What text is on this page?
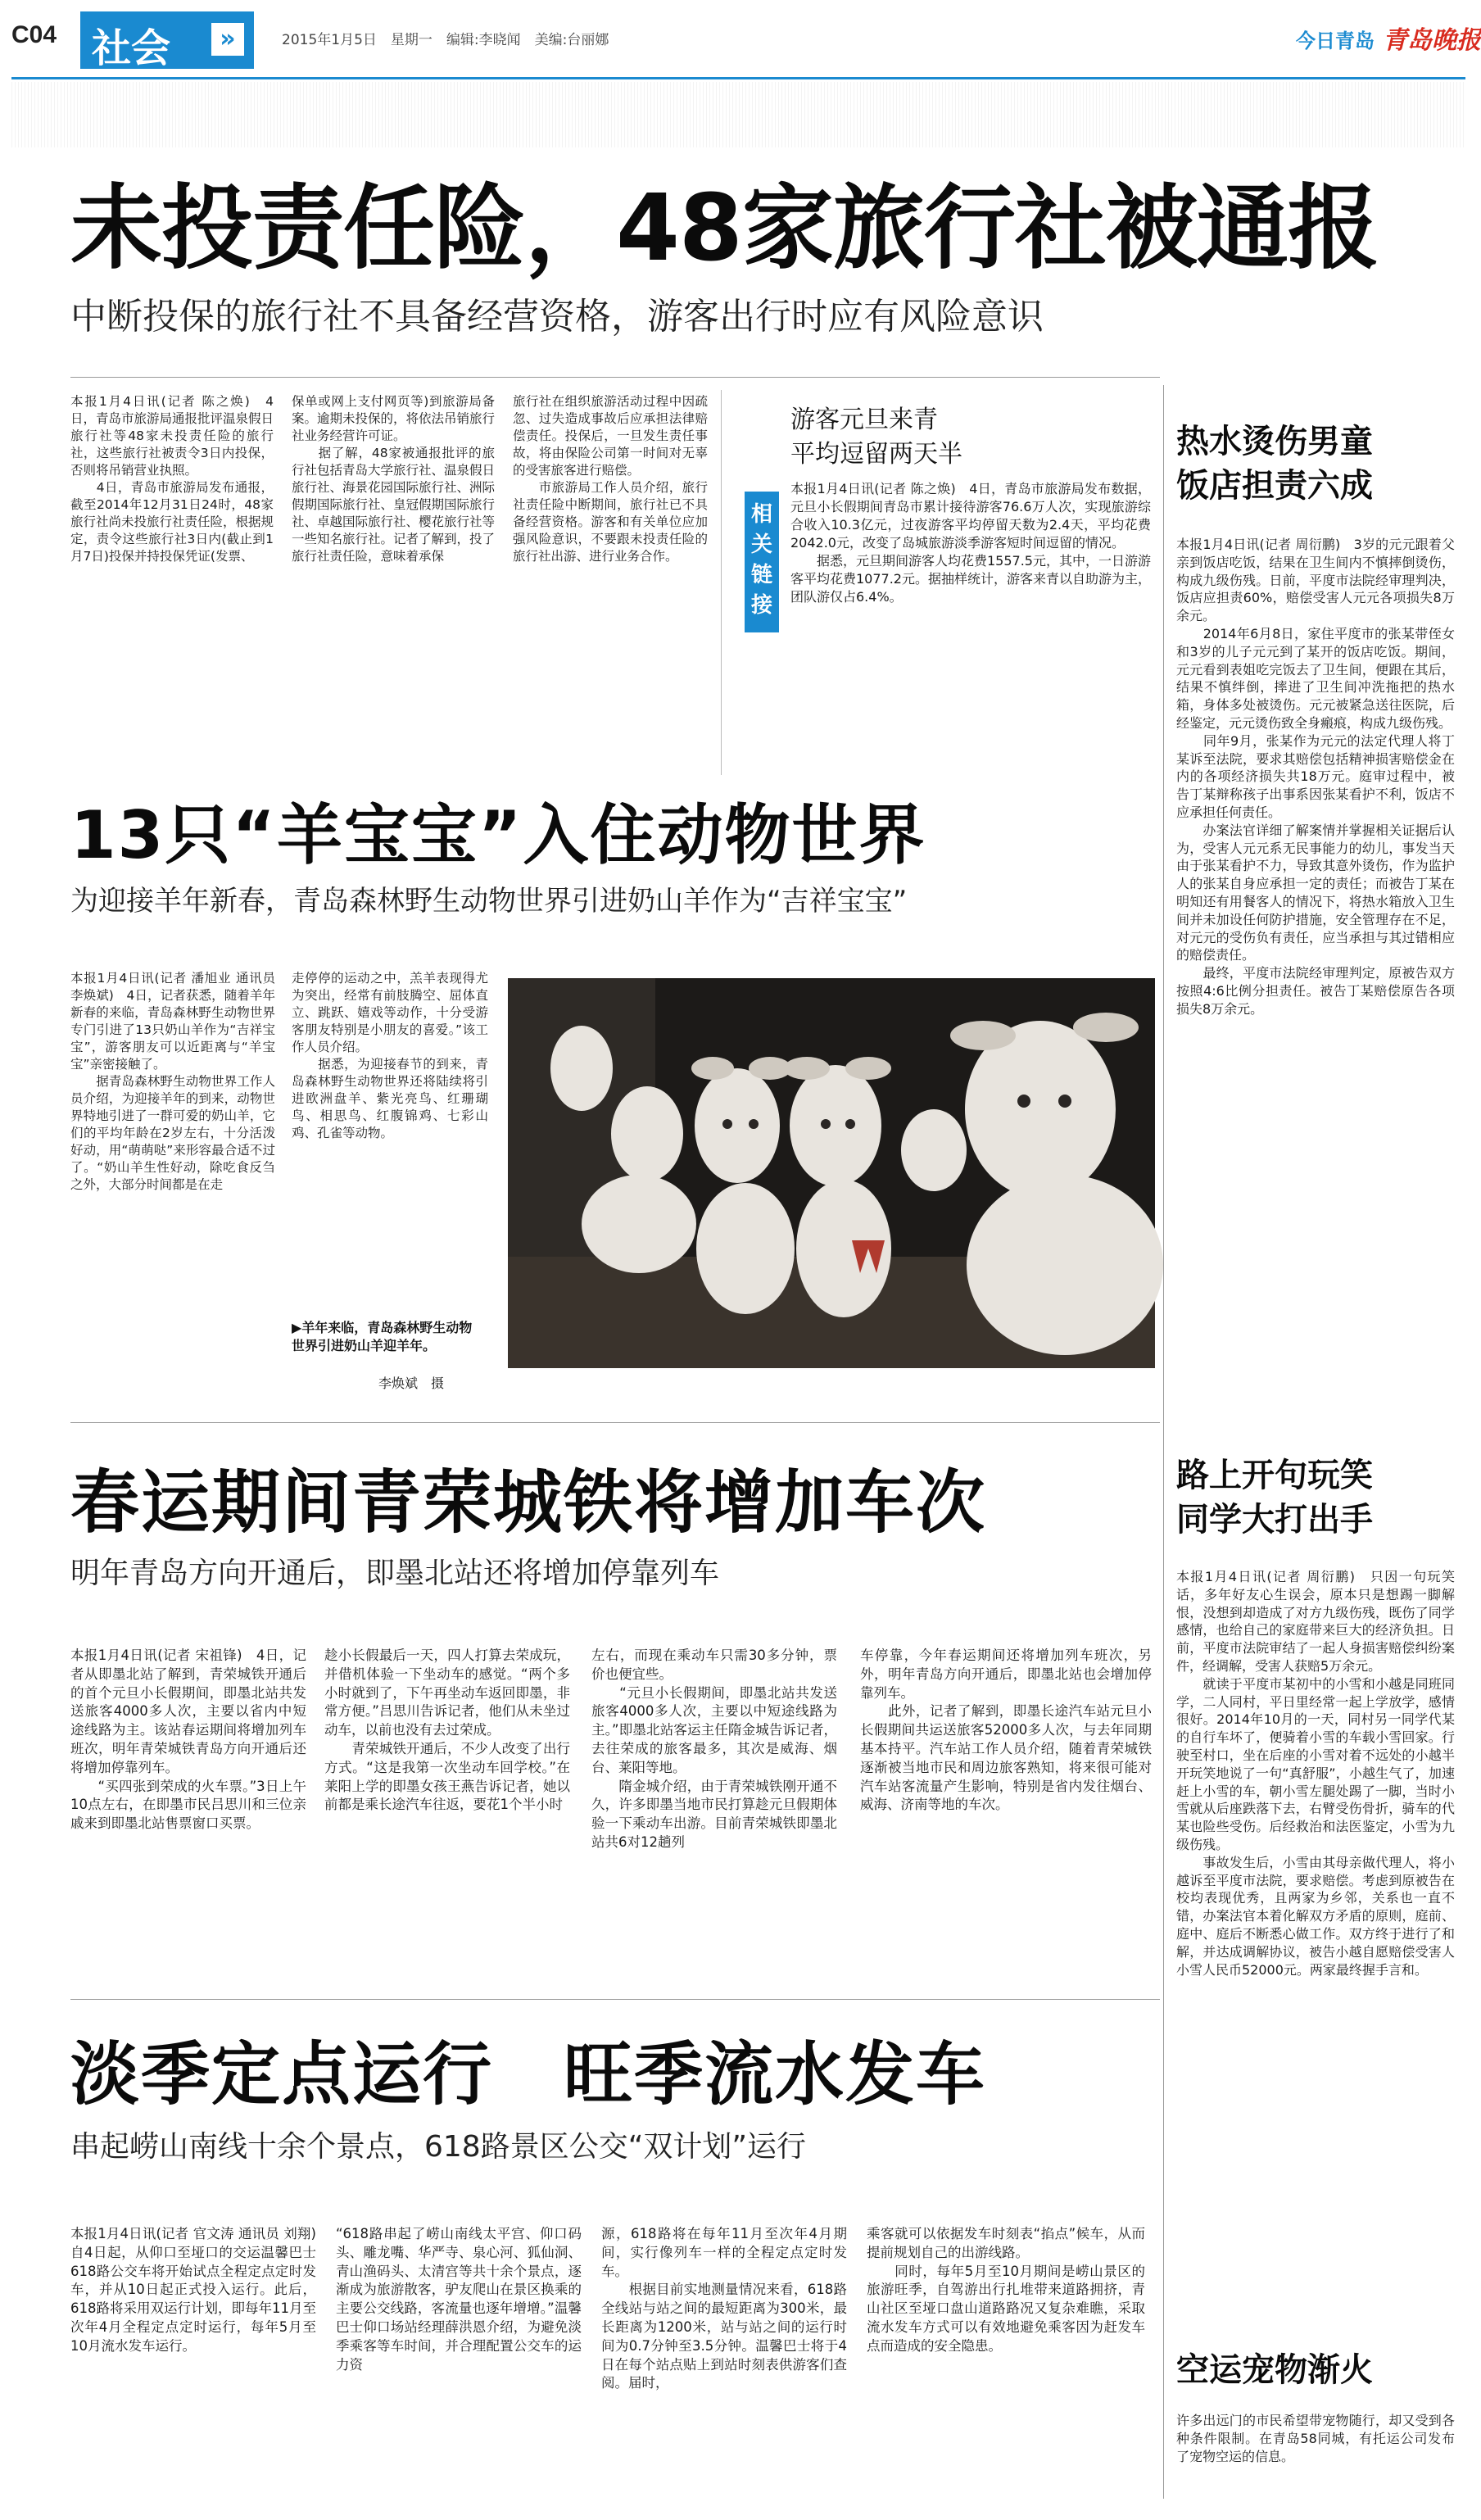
C04 社会	»	2015年1月5日　星期一　编辑:李晓闻　美编:台丽娜	今日青岛 青岛晚报
未投责任险，48家旅行社被通报
中断投保的旅行社不具备经营资格，游客出行时应有风险意识
本报1月4日讯(记者 陈之焕)　4日，青岛市旅游局通报批评温泉假日旅行社等48家未投责任险的旅行社，这些旅行社被责令3日内投保，否则将吊销营业执照。
　　4日，青岛市旅游局发布通报，截至2014年12月31日24时，48家旅行社尚未投旅行社责任险，根据规定，责令这些旅行社3日内(截止到1月7日)投保并持投保凭证(发票、
保单或网上支付网页等)到旅游局备案。逾期未投保的，将依法吊销旅行社业务经营许可证。
　　据了解，48家被通报批评的旅行社包括青岛大学旅行社、温泉假日旅行社、海景花园国际旅行社、洲际假期国际旅行社、皇冠假期国际旅行社、卓越国际旅行社、樱花旅行社等一些知名旅行社。记者了解到，投了旅行社责任险，意味着承保
旅行社在组织旅游活动过程中因疏忽、过失造成事故后应承担法律赔偿责任。投保后，一旦发生责任事故，将由保险公司第一时间对无辜的受害旅客进行赔偿。
　　市旅游局工作人员介绍，旅行社责任险中断期间，旅行社已不具备经营资格。游客和有关单位应加强风险意识，不要跟未投责任险的旅行社出游、进行业务合作。
相关链接
游客元旦来青
平均逗留两天半
本报1月4日讯(记者 陈之焕)　4日，青岛市旅游局发布数据，元旦小长假期间青岛市累计接待游客76.6万人次，实现旅游综合收入10.3亿元，过夜游客平均停留天数为2.4天，平均花费2042.0元，改变了岛城旅游淡季游客短时间逗留的情况。
　　据悉，元旦期间游客人均花费1557.5元，其中，一日游游客平均花费1077.2元。据抽样统计，游客来青以自助游为主，团队游仅占6.4%。
热水烫伤男童
饭店担责六成
本报1月4日讯(记者 周衍鹏)　3岁的元元跟着父亲到饭店吃饭，结果在卫生间内不慎摔倒烫伤，构成九级伤残。日前，平度市法院经审理判决，饭店应担责60%，赔偿受害人元元各项损失8万余元。
　　2014年6月8日，家住平度市的张某带侄女和3岁的儿子元元到了某开的饭店吃饭。期间，元元看到表姐吃完饭去了卫生间，便跟在其后，结果不慎绊倒，摔进了卫生间冲洗拖把的热水箱，身体多处被烫伤。元元被紧急送往医院，后经鉴定，元元烫伤致全身瘢痕，构成九级伤残。
　　同年9月，张某作为元元的法定代理人将丁某诉至法院，要求其赔偿包括精神损害赔偿金在内的各项经济损失共18万元。庭审过程中，被告丁某辩称孩子出事系因张某看护不利，饭店不应承担任何责任。
　　办案法官详细了解案情并掌握相关证据后认为，受害人元元系无民事能力的幼儿，事发当天由于张某看护不力，导致其意外烫伤，作为监护人的张某自身应承担一定的责任；而被告丁某在明知还有用餐客人的情况下，将热水箱放入卫生间并未加设任何防护措施，安全管理存在不足，对元元的受伤负有责任，应当承担与其过错相应的赔偿责任。
　　最终，平度市法院经审理判定，原被告双方按照4:6比例分担责任。被告丁某赔偿原告各项损失8万余元。
路上开句玩笑
同学大打出手
本报1月4日讯(记者 周衍鹏)　只因一句玩笑话，多年好友心生误会，原本只是想踢一脚解恨，没想到却造成了对方九级伤残，既伤了同学感情，也给自己的家庭带来巨大的经济负担。日前，平度市法院审结了一起人身损害赔偿纠纷案件，经调解，受害人获赔5万余元。
　　就读于平度市某初中的小雪和小越是同班同学，二人同村，平日里经常一起上学放学，感情很好。2014年10月的一天，同村另一同学代某的自行车坏了，便骑着小雪的车载小雪回家。行驶至村口，坐在后座的小雪对着不远处的小越半开玩笑地说了一句“真舒服”，小越生气了，加速赶上小雪的车，朝小雪左腿处踢了一脚，当时小雪就从后座跌落下去，右臂受伤骨折，骑车的代某也险些受伤。后经救治和法医鉴定，小雪为九级伤残。
　　事故发生后，小雪由其母亲做代理人，将小越诉至平度市法院，要求赔偿。考虑到原被告在校均表现优秀，且两家为乡邻，关系也一直不错，办案法官本着化解双方矛盾的原则，庭前、庭中、庭后不断悉心做工作。双方终于进行了和解，并达成调解协议，被告小越自愿赔偿受害人小雪人民币52000元。两家最终握手言和。
空运宠物渐火
许多出远门的市民希望带宠物随行，却又受到各种条件限制。在青岛58同城，有托运公司发布了宠物空运的信息。
13只“羊宝宝”入住动物世界
为迎接羊年新春，青岛森林野生动物世界引进奶山羊作为“吉祥宝宝”
本报1月4日讯(记者 潘旭业 通讯员 李焕斌)　4日，记者获悉，随着羊年新春的来临，青岛森林野生动物世界专门引进了13只奶山羊作为“吉祥宝宝”，游客朋友可以近距离与“羊宝宝”亲密接触了。
　　据青岛森林野生动物世界工作人员介绍，为迎接羊年的到来，动物世界特地引进了一群可爱的奶山羊，它们的平均年龄在2岁左右，十分活泼好动，用“萌萌哒”来形容最合适不过了。“奶山羊生性好动，除吃食反刍之外，大部分时间都是在走
走停停的运动之中，羔羊表现得尤为突出，经常有前肢腾空、屈体直立、跳跃、嬉戏等动作，十分受游客朋友特别是小朋友的喜爱。”该工作人员介绍。
　　据悉，为迎接春节的到来，青岛森林野生动物世界还将陆续将引进欧洲盘羊、紫光亮鸟、红珊瑚鸟、相思鸟、红腹锦鸡、七彩山鸡、孔雀等动物。
▶羊年来临，青岛森林野生动物世界引进奶山羊迎羊年。
李焕斌　摄
春运期间青荣城铁将增加车次
明年青岛方向开通后，即墨北站还将增加停靠列车
本报1月4日讯(记者 宋祖锋)　4日，记者从即墨北站了解到，青荣城铁开通后的首个元旦小长假期间，即墨北站共发送旅客4000多人次，主要以省内中短途线路为主。该站春运期间将增加列车班次，明年青荣城铁青岛方向开通后还将增加停靠列车。
　　“买四张到荣成的火车票。”3日上午10点左右，在即墨市民吕思川和三位亲戚来到即墨北站售票窗口买票。
趁小长假最后一天，四人打算去荣成玩，并借机体验一下坐动车的感觉。“两个多小时就到了，下午再坐动车返回即墨，非常方便。”吕思川告诉记者，他们从未坐过动车，以前也没有去过荣成。
　　青荣城铁开通后，不少人改变了出行方式。“这是我第一次坐动车回学校。”在莱阳上学的即墨女孩王燕告诉记者，她以前都是乘长途汽车往返，要花1个半小时
左右，而现在乘动车只需30多分钟，票价也便宜些。
　　“元旦小长假期间，即墨北站共发送旅客4000多人次，主要以中短途线路为主。”即墨北站客运主任隋金城告诉记者，去往荣成的旅客最多，其次是威海、烟台、莱阳等地。
　　隋金城介绍，由于青荣城铁刚开通不久，许多即墨当地市民打算趁元旦假期体验一下乘动车出游。目前青荣城铁即墨北站共6对12趟列
车停靠，今年春运期间还将增加列车班次，另外，明年青岛方向开通后，即墨北站也会增加停靠列车。
　　此外，记者了解到，即墨长途汽车站元旦小长假期间共运送旅客52000多人次，与去年同期基本持平。汽车站工作人员介绍，随着青荣城铁逐渐被当地市民和周边旅客熟知，将来很可能对汽车站客流量产生影响，特别是省内发往烟台、威海、济南等地的车次。
淡季定点运行　旺季流水发车
串起崂山南线十余个景点，618路景区公交“双计划”运行
本报1月4日讯(记者 官文涛 通讯员 刘翔)　自4日起，从仰口至垭口的交运温馨巴士618路公交车将开始试点全程定点定时发车，并从10日起正式投入运行。此后，618路将采用双运行计划，即每年11月至次年4月全程定点定时运行，每年5月至10月流水发车运行。
“618路串起了崂山南线太平宫、仰口码头、雕龙嘴、华严寺、泉心河、狐仙洞、青山渔码头、太清宫等共十余个景点，逐渐成为旅游散客，驴友爬山在景区换乘的主要公交线路，客流量也逐年增增。”温馨巴士仰口场站经理薛洪恩介绍，为避免淡季乘客等车时间，并合理配置公交车的运力资
源，618路将在每年11月至次年4月期间，实行像列车一样的全程定点定时发车。
　　根据目前实地测量情况来看，618路全线站与站之间的最短距离为300米，最长距离为1200米，站与站之间的运行时间为0.7分钟至3.5分钟。温馨巴士将于4日在每个站点贴上到站时刻表供游客们查阅。届时，
乘客就可以依据发车时刻表“掐点”候车，从而提前规划自己的出游线路。
　　同时，每年5月至10月期间是崂山景区的旅游旺季，自驾游出行扎堆带来道路拥挤，青山社区至垭口盘山道路路况又复杂难瞧，采取流水发车方式可以有效地避免乘客因为赶发车点而造成的安全隐患。
